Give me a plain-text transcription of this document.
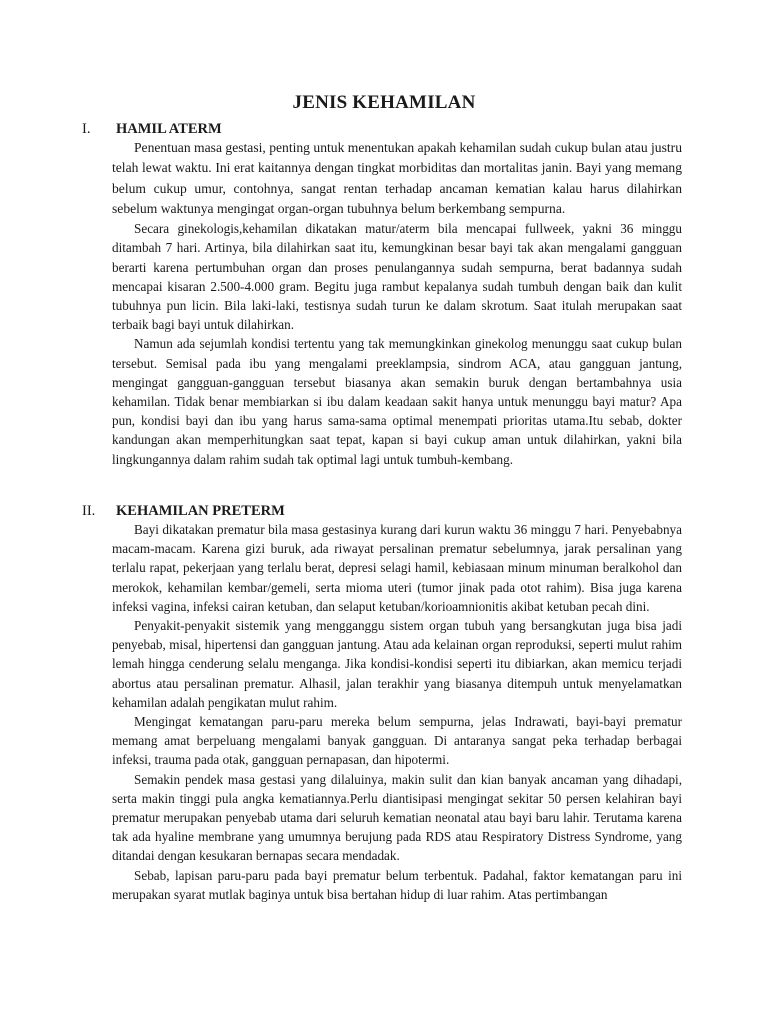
JENIS KEHAMILAN
I.	HAMIL ATERM

Penentuan masa gestasi, penting untuk menentukan apakah kehamilan sudah cukup bulan atau justru telah lewat waktu. Ini erat kaitannya dengan tingkat morbiditas dan mortalitas janin. Bayi yang memang belum cukup umur, contohnya, sangat rentan terhadap ancaman kematian kalau harus dilahirkan sebelum waktunya mengingat organ-organ tubuhnya belum berkembang sempurna.

Secara ginekologis,kehamilan dikatakan matur/aterm bila mencapai fullweek, yakni 36 minggu ditambah 7 hari. Artinya, bila dilahirkan saat itu, kemungkinan besar bayi tak akan mengalami gangguan berarti karena pertumbuhan organ dan proses penulangannya sudah sempurna, berat badannya sudah mencapai kisaran 2.500-4.000 gram. Begitu juga rambut kepalanya sudah tumbuh dengan baik dan kulit tubuhnya pun licin. Bila laki-laki, testisnya sudah turun ke dalam skrotum. Saat itulah merupakan saat terbaik bagi bayi untuk dilahirkan.

Namun ada sejumlah kondisi tertentu yang tak memungkinkan ginekolog menunggu saat cukup bulan tersebut. Semisal pada ibu yang mengalami preeklampsia, sindrom ACA, atau gangguan jantung, mengingat gangguan-gangguan tersebut biasanya akan semakin buruk dengan bertambahnya usia kehamilan. Tidak benar membiarkan si ibu dalam keadaan sakit hanya untuk menunggu bayi matur? Apa pun, kondisi bayi dan ibu yang harus sama-sama optimal menempati prioritas utama.Itu sebab, dokter kandungan akan memperhitungkan saat tepat, kapan si bayi cukup aman untuk dilahirkan, yakni bila lingkungannya dalam rahim sudah tak optimal lagi untuk tumbuh-kembang.

II.	KEHAMILAN PRETERM

Bayi dikatakan prematur bila masa gestasinya kurang dari kurun waktu 36 minggu 7 hari. Penyebabnya macam-macam. Karena gizi buruk, ada riwayat persalinan prematur sebelumnya, jarak persalinan yang terlalu rapat, pekerjaan yang terlalu berat, depresi selagi hamil, kebiasaan minum minuman beralkohol dan merokok, kehamilan kembar/gemeli, serta mioma uteri (tumor jinak pada otot rahim). Bisa juga karena infeksi vagina, infeksi cairan ketuban, dan selaput ketuban/korioamnionitis akibat ketuban pecah dini.

Penyakit-penyakit sistemik yang mengganggu sistem organ tubuh yang bersangkutan juga bisa jadi penyebab, misal, hipertensi dan gangguan jantung. Atau ada kelainan organ reproduksi, seperti mulut rahim lemah hingga cenderung selalu menganga. Jika kondisi-kondisi seperti itu dibiarkan, akan memicu terjadi abortus atau persalinan prematur. Alhasil, jalan terakhir yang biasanya ditempuh untuk menyelamatkan kehamilan adalah pengikatan mulut rahim.

Mengingat kematangan paru-paru mereka belum sempurna, jelas Indrawati, bayi-bayi prematur memang amat berpeluang mengalami banyak gangguan. Di antaranya sangat peka terhadap berbagai infeksi, trauma pada otak, gangguan pernapasan, dan hipotermi.

Semakin pendek masa gestasi yang dilaluinya, makin sulit dan kian banyak ancaman yang dihadapi, serta makin tinggi pula angka kematiannya.Perlu diantisipasi mengingat sekitar 50 persen kelahiran bayi prematur merupakan penyebab utama dari seluruh kematian neonatal atau bayi baru lahir. Terutama karena tak ada hyaline membrane yang umumnya berujung pada RDS atau Respiratory Distress Syndrome, yang ditandai dengan kesukaran bernapas secara mendadak.

Sebab, lapisan paru-paru pada bayi prematur belum terbentuk. Padahal, faktor kematangan paru ini merupakan syarat mutlak baginya untuk bisa bertahan hidup di luar rahim. Atas pertimbangan
